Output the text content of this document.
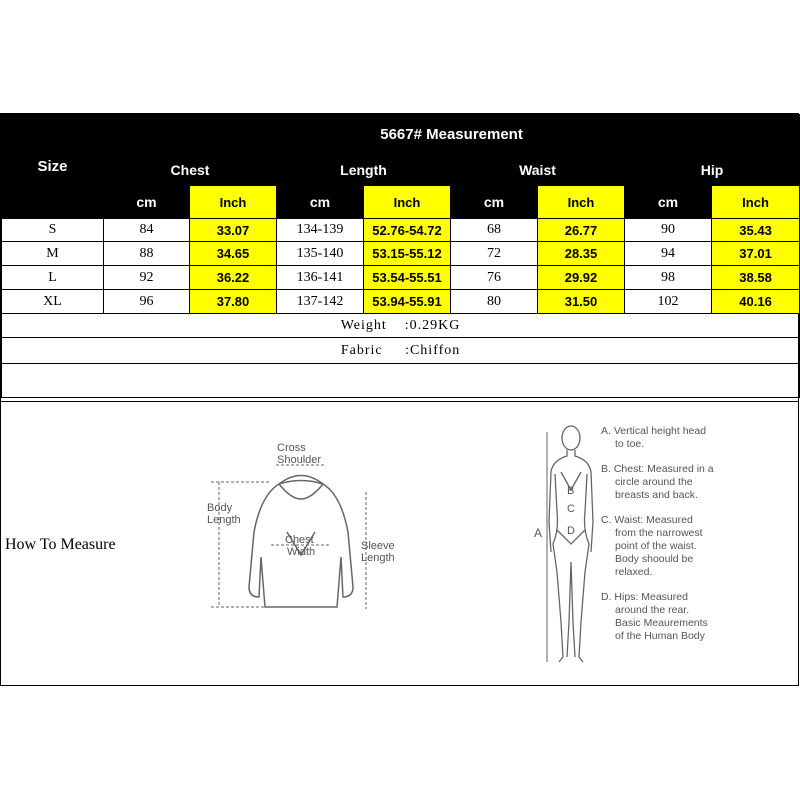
Size	5667# Measurement							
	Chest		Length		Waist		Hip	
	cm	Inch	cm	Inch	cm	Inch	cm	Inch
S	84	33.07	134-139	52.76-54.72	68	26.77	90	35.43
M	88	34.65	135-140	53.15-55.12	72	28.35	94	37.01
L	92	36.22	136-141	53.54-55.51	76	29.92	98	38.58
XL	96	37.80	137-142	53.94-55.91	80	31.50	102	40.16
Weight    :0.29KG								
Fabric     :Chiffon								

How To Measure
Cross
Shoulder
Body
Length
Chest
Width	Sleeve
Length
A
B
C
D
A. Vertical height head
to toe.
B. Chest: Measured in a
circle around the
breasts and back.
C. Waist: Measured
from the narrowest
point of the waist.
Body shoould be
relaxed.
D. Hips: Measured
around the rear.
Basic Meaurements
of the Human Body
